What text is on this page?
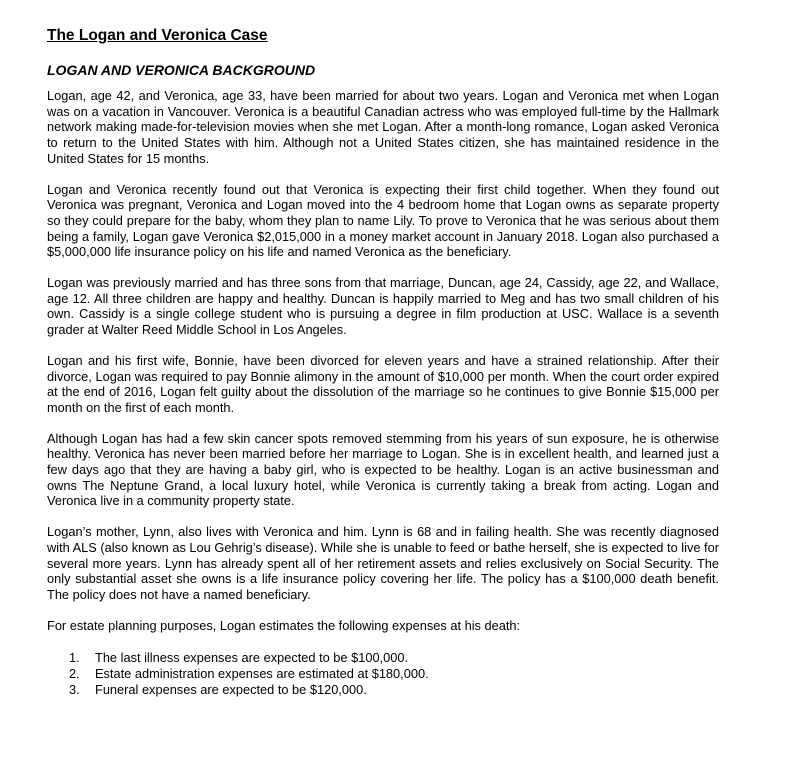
The Logan and Veronica Case
LOGAN AND VERONICA BACKGROUND

Logan, age 42, and Veronica, age 33, have been married for about two years. Logan and Veronica met when Logan was on a vacation in Vancouver. Veronica is a beautiful Canadian actress who was employed full-time by the Hallmark network making made-for-television movies when she met Logan. After a month-long romance, Logan asked Veronica to return to the United States with him. Although not a United States citizen, she has maintained residence in the United States for 15 months.

Logan and Veronica recently found out that Veronica is expecting their first child together. When they found out Veronica was pregnant, Veronica and Logan moved into the 4 bedroom home that Logan owns as separate property so they could prepare for the baby, whom they plan to name Lily. To prove to Veronica that he was serious about them being a family, Logan gave Veronica $2,015,000 in a money market account in January 2018. Logan also purchased a $5,000,000 life insurance policy on his life and named Veronica as the beneficiary.

Logan was previously married and has three sons from that marriage, Duncan, age 24, Cassidy, age 22, and Wallace, age 12. All three children are happy and healthy. Duncan is happily married to Meg and has two small children of his own. Cassidy is a single college student who is pursuing a degree in film production at USC. Wallace is a seventh grader at Walter Reed Middle School in Los Angeles.

Logan and his first wife, Bonnie, have been divorced for eleven years and have a strained relationship. After their divorce, Logan was required to pay Bonnie alimony in the amount of $10,000 per month. When the court order expired at the end of 2016, Logan felt guilty about the dissolution of the marriage so he continues to give Bonnie $15,000 per month on the first of each month.

Although Logan has had a few skin cancer spots removed stemming from his years of sun exposure, he is otherwise healthy. Veronica has never been married before her marriage to Logan. She is in excellent health, and learned just a few days ago that they are having a baby girl, who is expected to be healthy. Logan is an active businessman and owns The Neptune Grand, a local luxury hotel, while Veronica is currently taking a break from acting. Logan and Veronica live in a community property state.

Logan’s mother, Lynn, also lives with Veronica and him. Lynn is 68 and in failing health. She was recently diagnosed with ALS (also known as Lou Gehrig’s disease). While she is unable to feed or bathe herself, she is expected to live for several more years. Lynn has already spent all of her retirement assets and relies exclusively on Social Security. The only substantial asset she owns is a life insurance policy covering her life. The policy has a $100,000 death benefit. The policy does not have a named beneficiary.

For estate planning purposes, Logan estimates the following expenses at his death:

1.	The last illness expenses are expected to be $100,000.
2.	Estate administration expenses are estimated at $180,000.
3.	Funeral expenses are expected to be $120,000.
